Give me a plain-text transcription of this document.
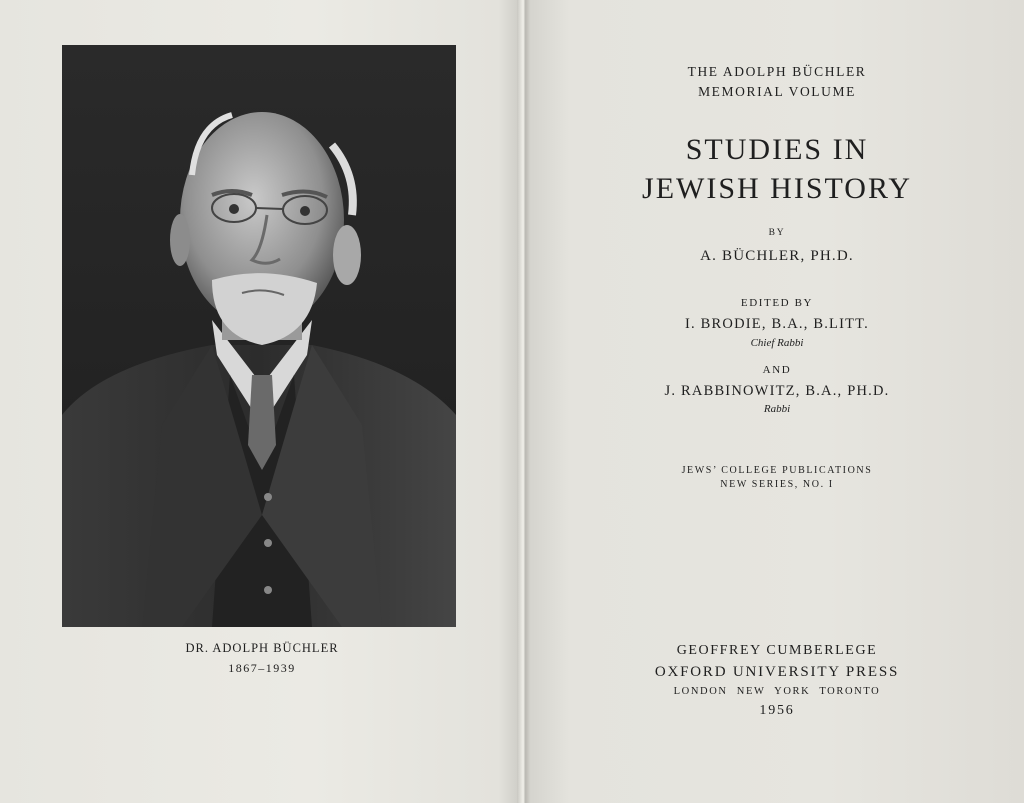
DR. ADOLPH BÜCHLER
1867–1939
THE ADOLPH BÜCHLER
MEMORIAL VOLUME
STUDIES IN
JEWISH HISTORY
BY
A. BÜCHLER, PH.D.
EDITED BY
I. BRODIE, B.A., B.LITT.
Chief Rabbi
AND
J. RABBINOWITZ, B.A., PH.D.
Rabbi
JEWS’ COLLEGE PUBLICATIONS
NEW SERIES, NO. I
GEOFFREY CUMBERLEGE
OXFORD UNIVERSITY PRESS
LONDON NEW YORK TORONTO
1956
